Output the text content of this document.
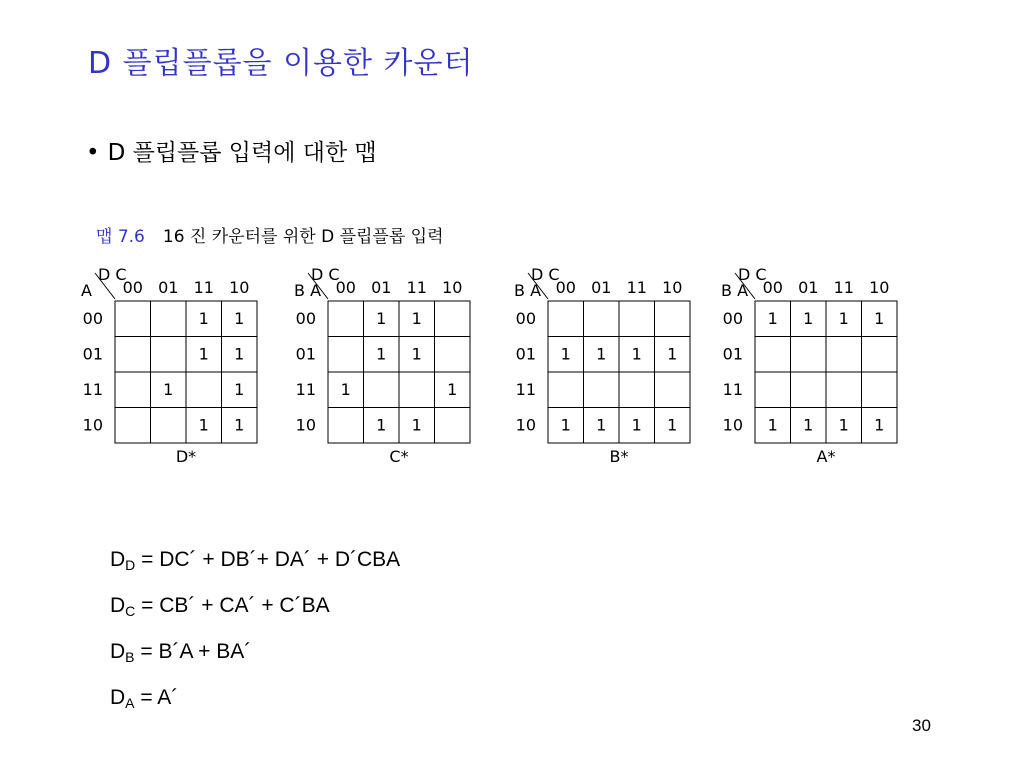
D 플립플롭을 이용한 카운터
• D 플립플롭 입력에 대한 맵
맵 7.6 16 진 카운터를 위한 D 플립플롭 입력
D C
A 00 01 11 10
00
01
11
10
1 1
1 1
1	1
1 1
D*
D C
B A 00 01 11 10
00
01
11
10
1 1
1 1
1	1
1 1
C*
D C
B A 00 01 11 10
00
01
11
10
1 1 1 1
1 1 1 1
B*
D C
B A 00 01 11 10
00
01
11
10
1 1 1 1
1 1 1 1
A*
$D_D$ = DC´ + DB´+ DA´ + D´CBA
$D_C$ = CB´ + CA´ + C´BA
$D_B$ = B´A + BA´
$D_A$ = A´
30
